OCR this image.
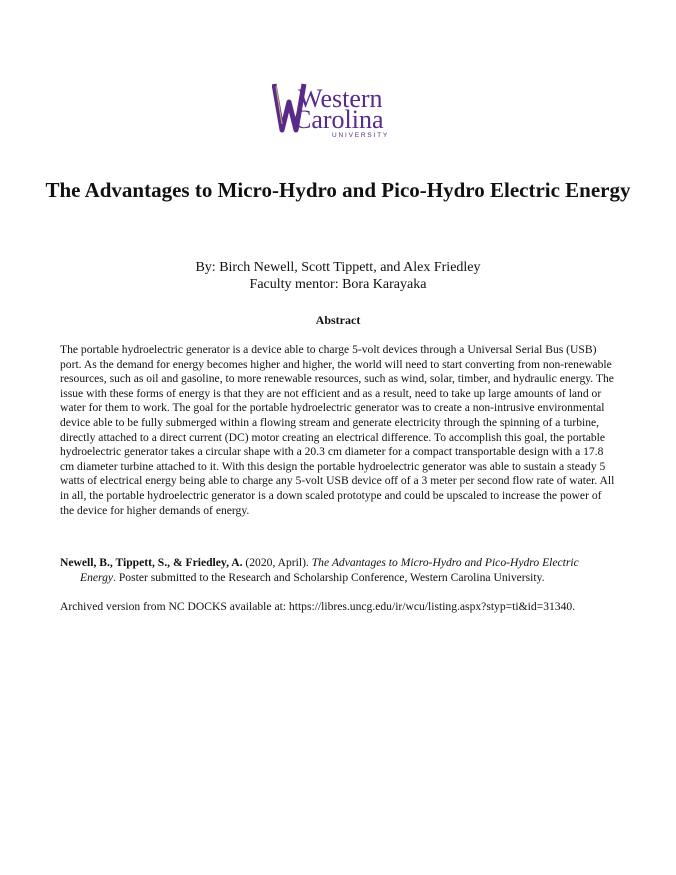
Western
Carolina
UNIVERSITY
The Advantages to Micro-Hydro and Pico-Hydro Electric Energy
By: Birch Newell, Scott Tippett, and Alex Friedley
Faculty mentor: Bora Karayaka
Abstract

The portable hydroelectric generator is a device able to charge 5-volt devices through a Universal Serial Bus (USB) port. As the demand for energy becomes higher and higher, the world will need to start converting from non-renewable resources, such as oil and gasoline, to more renewable resources, such as wind, solar, timber, and hydraulic energy. The issue with these forms of energy is that they are not efficient and as a result, need to take up large amounts of land or water for them to work. The goal for the portable hydroelectric generator was to create a non-intrusive environmental device able to be fully submerged within a flowing stream and generate electricity through the spinning of a turbine, directly attached to a direct current (DC) motor creating an electrical difference. To accomplish this goal, the portable hydroelectric generator takes a circular shape with a 20.3 cm diameter for a compact transportable design with a 17.8 cm diameter turbine attached to it. With this design the portable hydroelectric generator was able to sustain a steady 5 watts of electrical energy being able to charge any 5-volt USB device off of a 3 meter per second flow rate of water. All in all, the portable hydroelectric generator is a down scaled prototype and could be upscaled to increase the power of the device for higher demands of energy.

Newell, B., Tippett, S., & Friedley, A. (2020, April). The Advantages to Micro-Hydro and Pico-Hydro Electric Energy. Poster submitted to the Research and Scholarship Conference, Western Carolina University.

Archived version from NC DOCKS available at: https://libres.uncg.edu/ir/wcu/listing.aspx?styp=ti&id=31340.
